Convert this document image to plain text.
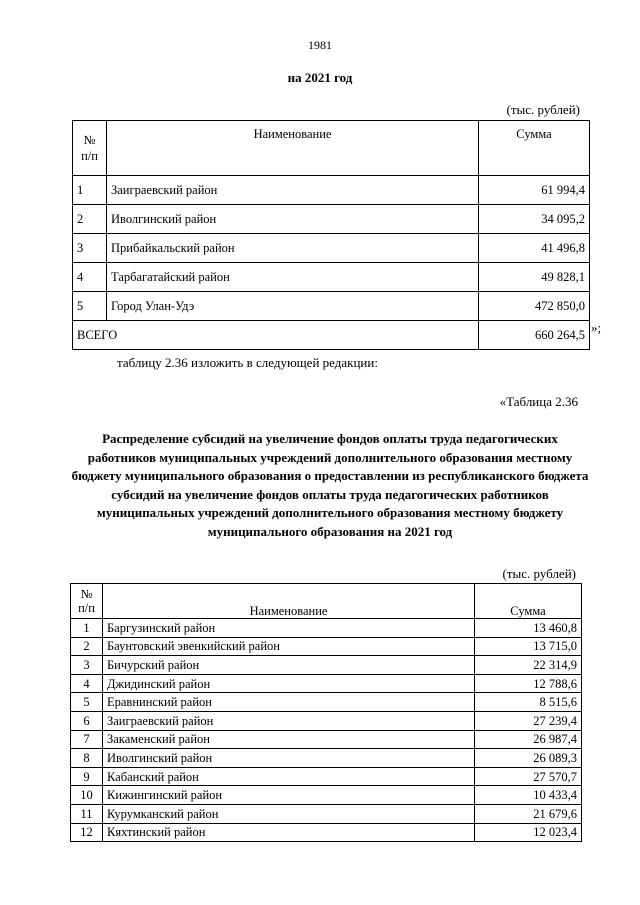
1981
на 2021 год
(тыс. рублей)
№
п/п	Наименование	Сумма
1	Заиграевский район	61 994,4
2	Иволгинский район	34 095,2
3	Прибайкальский район	41 496,8
4	Тарбагатайский район	49 828,1
5	Город Улан-Удэ	472 850,0
ВСЕГО		660 264,5 »;
таблицу 2.36 изложить в следующей редакции:
«Таблица 2.36
Распределение субсидий на увеличение фондов оплаты труда педагогических работников муниципальных учреждений дополнительного образования местному бюджету муниципального образования о предоставлении из республиканского бюджета субсидий на увеличение фондов оплаты труда педагогических работников муниципальных учреждений дополнительного образования местному бюджету муниципального образования на 2021 год
(тыс. рублей)
№
п/п	Наименование	Сумма
1	Баргузинский район	13 460,8
2	Баунтовский эвенкийский район	13 715,0
3	Бичурский район	22 314,9
4	Джидинский район	12 788,6
5	Еравнинский район	8 515,6
6	Заиграевский район	27 239,4
7	Закаменский район	26 987,4
8	Иволгинский район	26 089,3
9	Кабанский район	27 570,7
10	Кижингинский район	10 433,4
11	Курумканский район	21 679,6
12	Кяхтинский район	12 023,4
